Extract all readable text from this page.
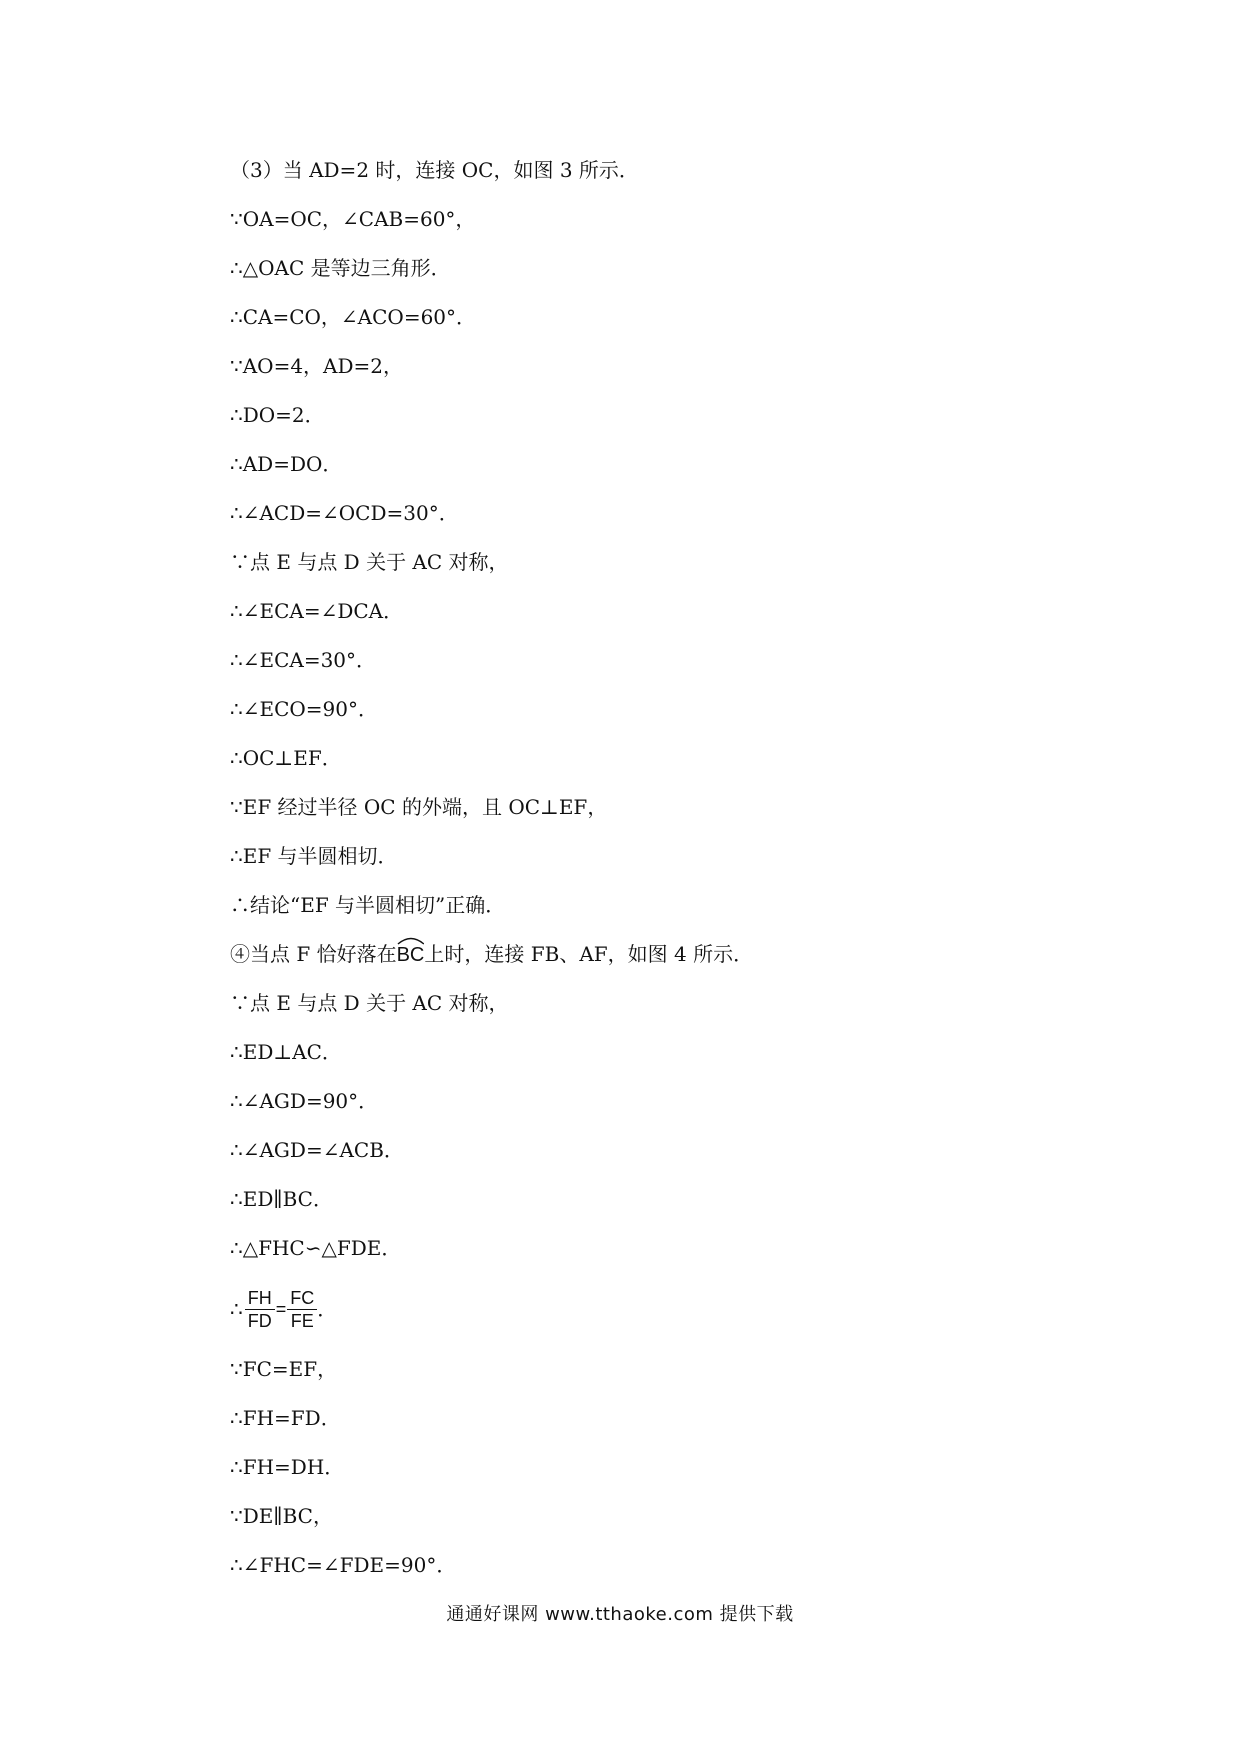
（3）当 AD=2 时，连接 OC，如图 3 所示．
∵OA=OC，∠CAB=60°，
∴△OAC 是等边三角形．
∴CA=CO，∠ACO=60°．
∵AO=4，AD=2，
∴DO=2．
∴AD=DO．
∴∠ACD=∠OCD=30°．
∵点 E 与点 D 关于 AC 对称，
∴∠ECA=∠DCA．
∴∠ECA=30°．
∴∠ECO=90°．
∴OC⊥EF．
∵EF 经过半径 OC 的外端，且 OC⊥EF，
∴EF 与半圆相切．
∴结论“EF 与半圆相切”正确．
④当点 F 恰好落在
BC上时，连接 FB、AF，如图 4 所示．
∵点 E 与点 D 关于 AC 对称，
∴ED⊥AC．
∴∠AGD=90°．
∴∠AGD=∠ACB．
∴ED∥BC．
∴△FHC∽△FDE．
∴ $\frac{FH}{FD} = \frac{FC}{FE}$ ．
∵FC=EF，
∴FH=FD．
∴FH=DH．
∵DE∥BC，
∴∠FHC=∠FDE=90°．
通通好课网 www.tthaoke.com 提供下载
